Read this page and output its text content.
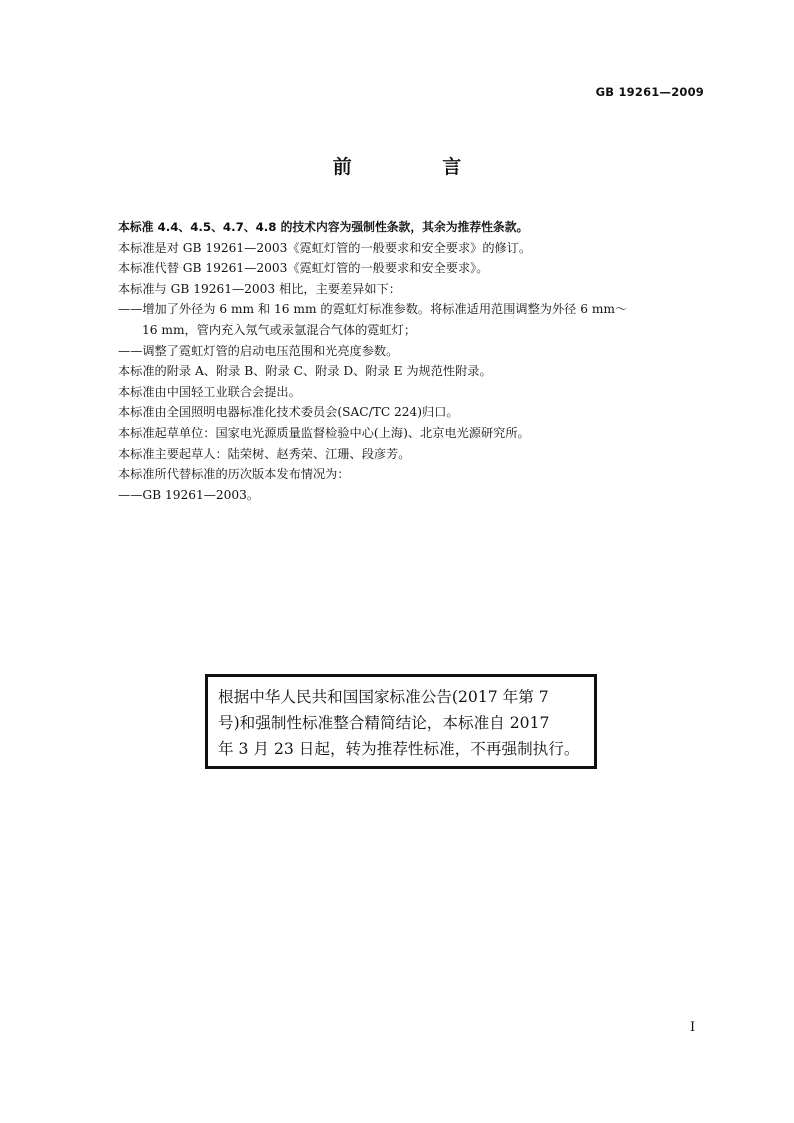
GB 19261—2009
前 言
本标准 4.4、4.5、4.7、4.8 的技术内容为强制性条款，其余为推荐性条款。
本标准是对 GB 19261—2003《霓虹灯管的一般要求和安全要求》的修订。
本标准代替 GB 19261—2003《霓虹灯管的一般要求和安全要求》。
本标准与 GB 19261—2003 相比，主要差异如下：
——增加了外径为 6 mm 和 16 mm 的霓虹灯标准参数。将标准适用范围调整为外径 6 mm～
16 mm，管内充入氖气或汞氩混合气体的霓虹灯；
——调整了霓虹灯管的启动电压范围和光亮度参数。
本标准的附录 A、附录 B、附录 C、附录 D、附录 E 为规范性附录。
本标准由中国轻工业联合会提出。
本标准由全国照明电器标准化技术委员会(SAC/TC 224)归口。
本标准起草单位：国家电光源质量监督检验中心(上海)、北京电光源研究所。
本标准主要起草人：陆荣树、赵秀荣、江珊、段彦芳。
本标准所代替标准的历次版本发布情况为：
——GB 19261—2003。
根据中华人民共和国国家标准公告(2017 年第 7
号)和强制性标准整合精简结论，本标准自 2017
年 3 月 23 日起，转为推荐性标准，不再强制执行。
I
